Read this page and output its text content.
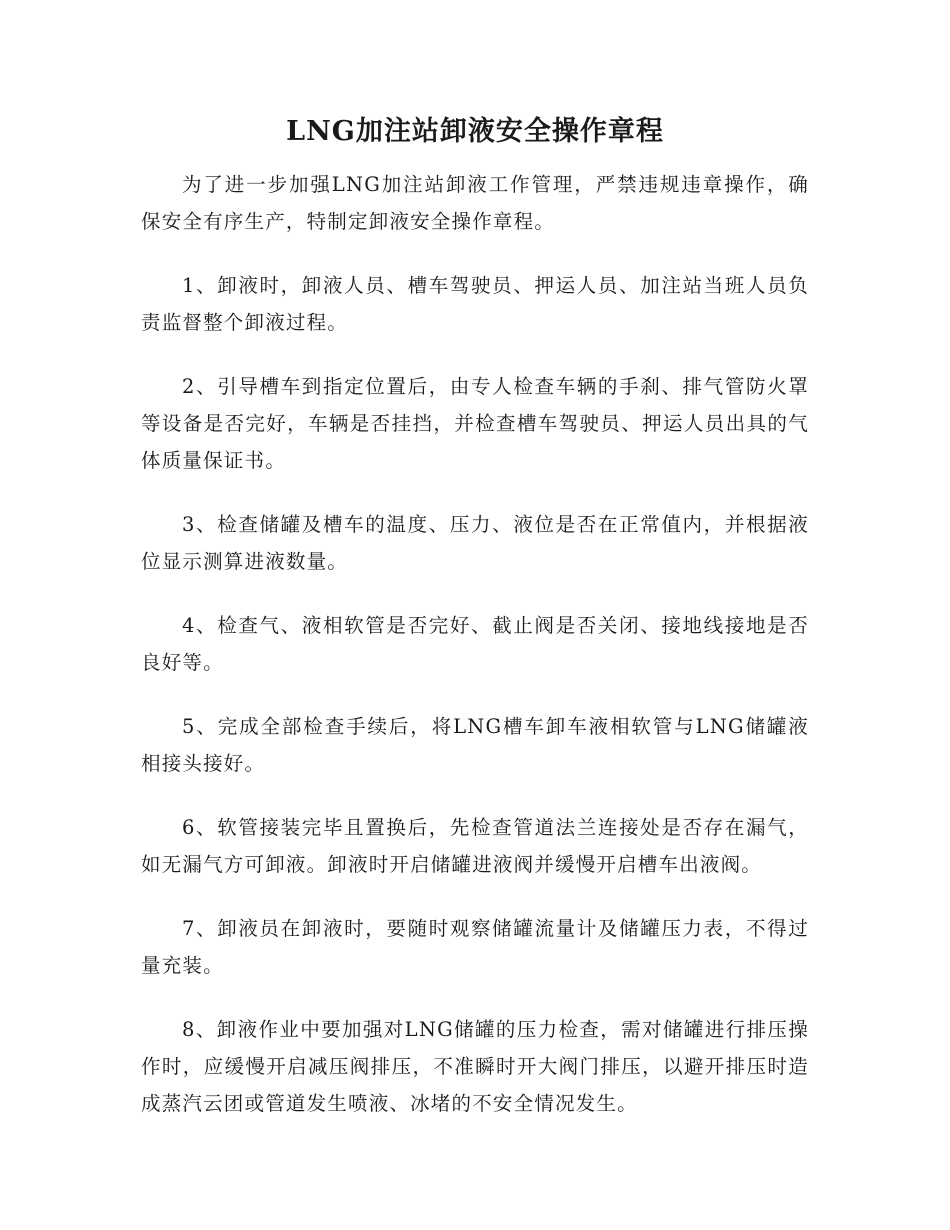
LNG加注站卸液安全操作章程

为了进一步加强LNG加注站卸液工作管理，严禁违规违章操作，确保安全有序生产，特制定卸液安全操作章程。

1、卸液时，卸液人员、槽车驾驶员、押运人员、加注站当班人员负责监督整个卸液过程。

2、引导槽车到指定位置后，由专人检查车辆的手刹、排气管防火罩等设备是否完好，车辆是否挂挡，并检查槽车驾驶员、押运人员出具的气体质量保证书。

3、检查储罐及槽车的温度、压力、液位是否在正常值内，并根据液位显示测算进液数量。

4、检查气、液相软管是否完好、截止阀是否关闭、接地线接地是否良好等。

5、完成全部检查手续后，将LNG槽车卸车液相软管与LNG储罐液相接头接好。

6、软管接装完毕且置换后，先检查管道法兰连接处是否存在漏气，如无漏气方可卸液。卸液时开启储罐进液阀并缓慢开启槽车出液阀。

7、卸液员在卸液时，要随时观察储罐流量计及储罐压力表，不得过量充装。

8、卸液作业中要加强对LNG储罐的压力检查，需对储罐进行排压操作时，应缓慢开启减压阀排压，不准瞬时开大阀门排压，以避开排压时造成蒸汽云团或管道发生喷液、冰堵的不安全情况发生。
